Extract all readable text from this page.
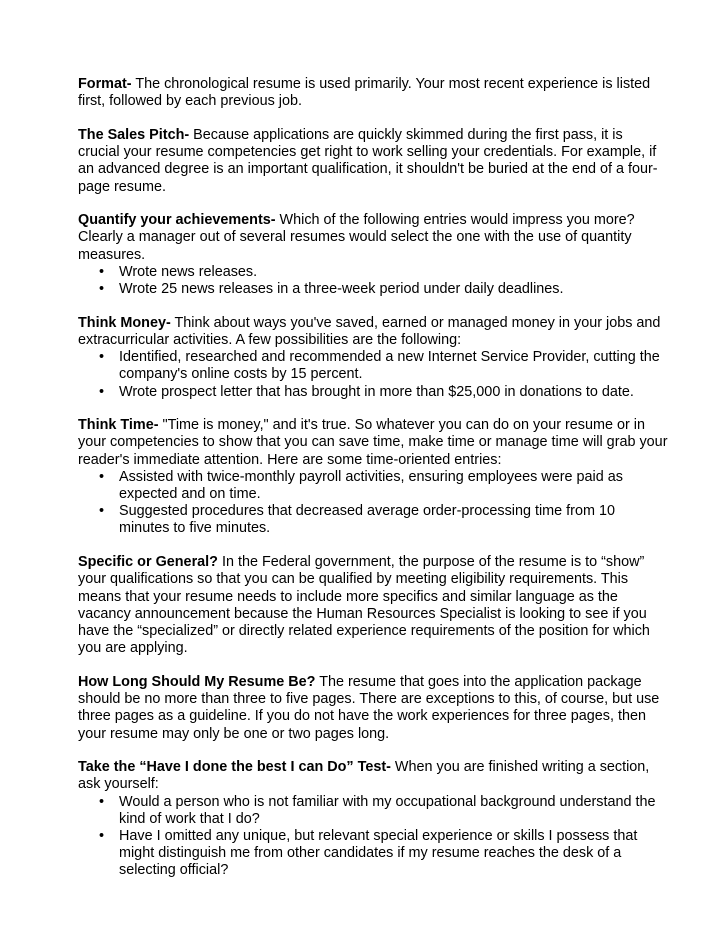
Format- The chronological resume is used primarily. Your most recent experience is listed first, followed by each previous job.

The Sales Pitch- Because applications are quickly skimmed during the first pass, it is crucial your resume competencies get right to work selling your credentials. For example, if an advanced degree is an important qualification, it shouldn't be buried at the end of a four-page resume.

Quantify your achievements- Which of the following entries would impress you more? Clearly a manager out of several resumes would select the one with the use of quantity measures.

• Wrote news releases.
• Wrote 25 news releases in a three-week period under daily deadlines.

Think Money- Think about ways you've saved, earned or managed money in your jobs and extracurricular activities. A few possibilities are the following:

• Identified, researched and recommended a new Internet Service Provider, cutting the company's online costs by 15 percent.
• Wrote prospect letter that has brought in more than $25,000 in donations to date.

Think Time- "Time is money," and it's true. So whatever you can do on your resume or in your competencies to show that you can save time, make time or manage time will grab your reader's immediate attention. Here are some time-oriented entries:

• Assisted with twice-monthly payroll activities, ensuring employees were paid as expected and on time.
• Suggested procedures that decreased average order-processing time from 10 minutes to five minutes.

Specific or General? In the Federal government, the purpose of the resume is to “show” your qualifications so that you can be qualified by meeting eligibility requirements. This means that your resume needs to include more specifics and similar language as the vacancy announcement because the Human Resources Specialist is looking to see if you have the “specialized” or directly related experience requirements of the position for which you are applying.

How Long Should My Resume Be? The resume that goes into the application package should be no more than three to five pages. There are exceptions to this, of course, but use three pages as a guideline. If you do not have the work experiences for three pages, then your resume may only be one or two pages long.

Take the “Have I done the best I can Do” Test- When you are finished writing a section, ask yourself:

• Would a person who is not familiar with my occupational background understand the kind of work that I do?
• Have I omitted any unique, but relevant special experience or skills I possess that might distinguish me from other candidates if my resume reaches the desk of a selecting official?
